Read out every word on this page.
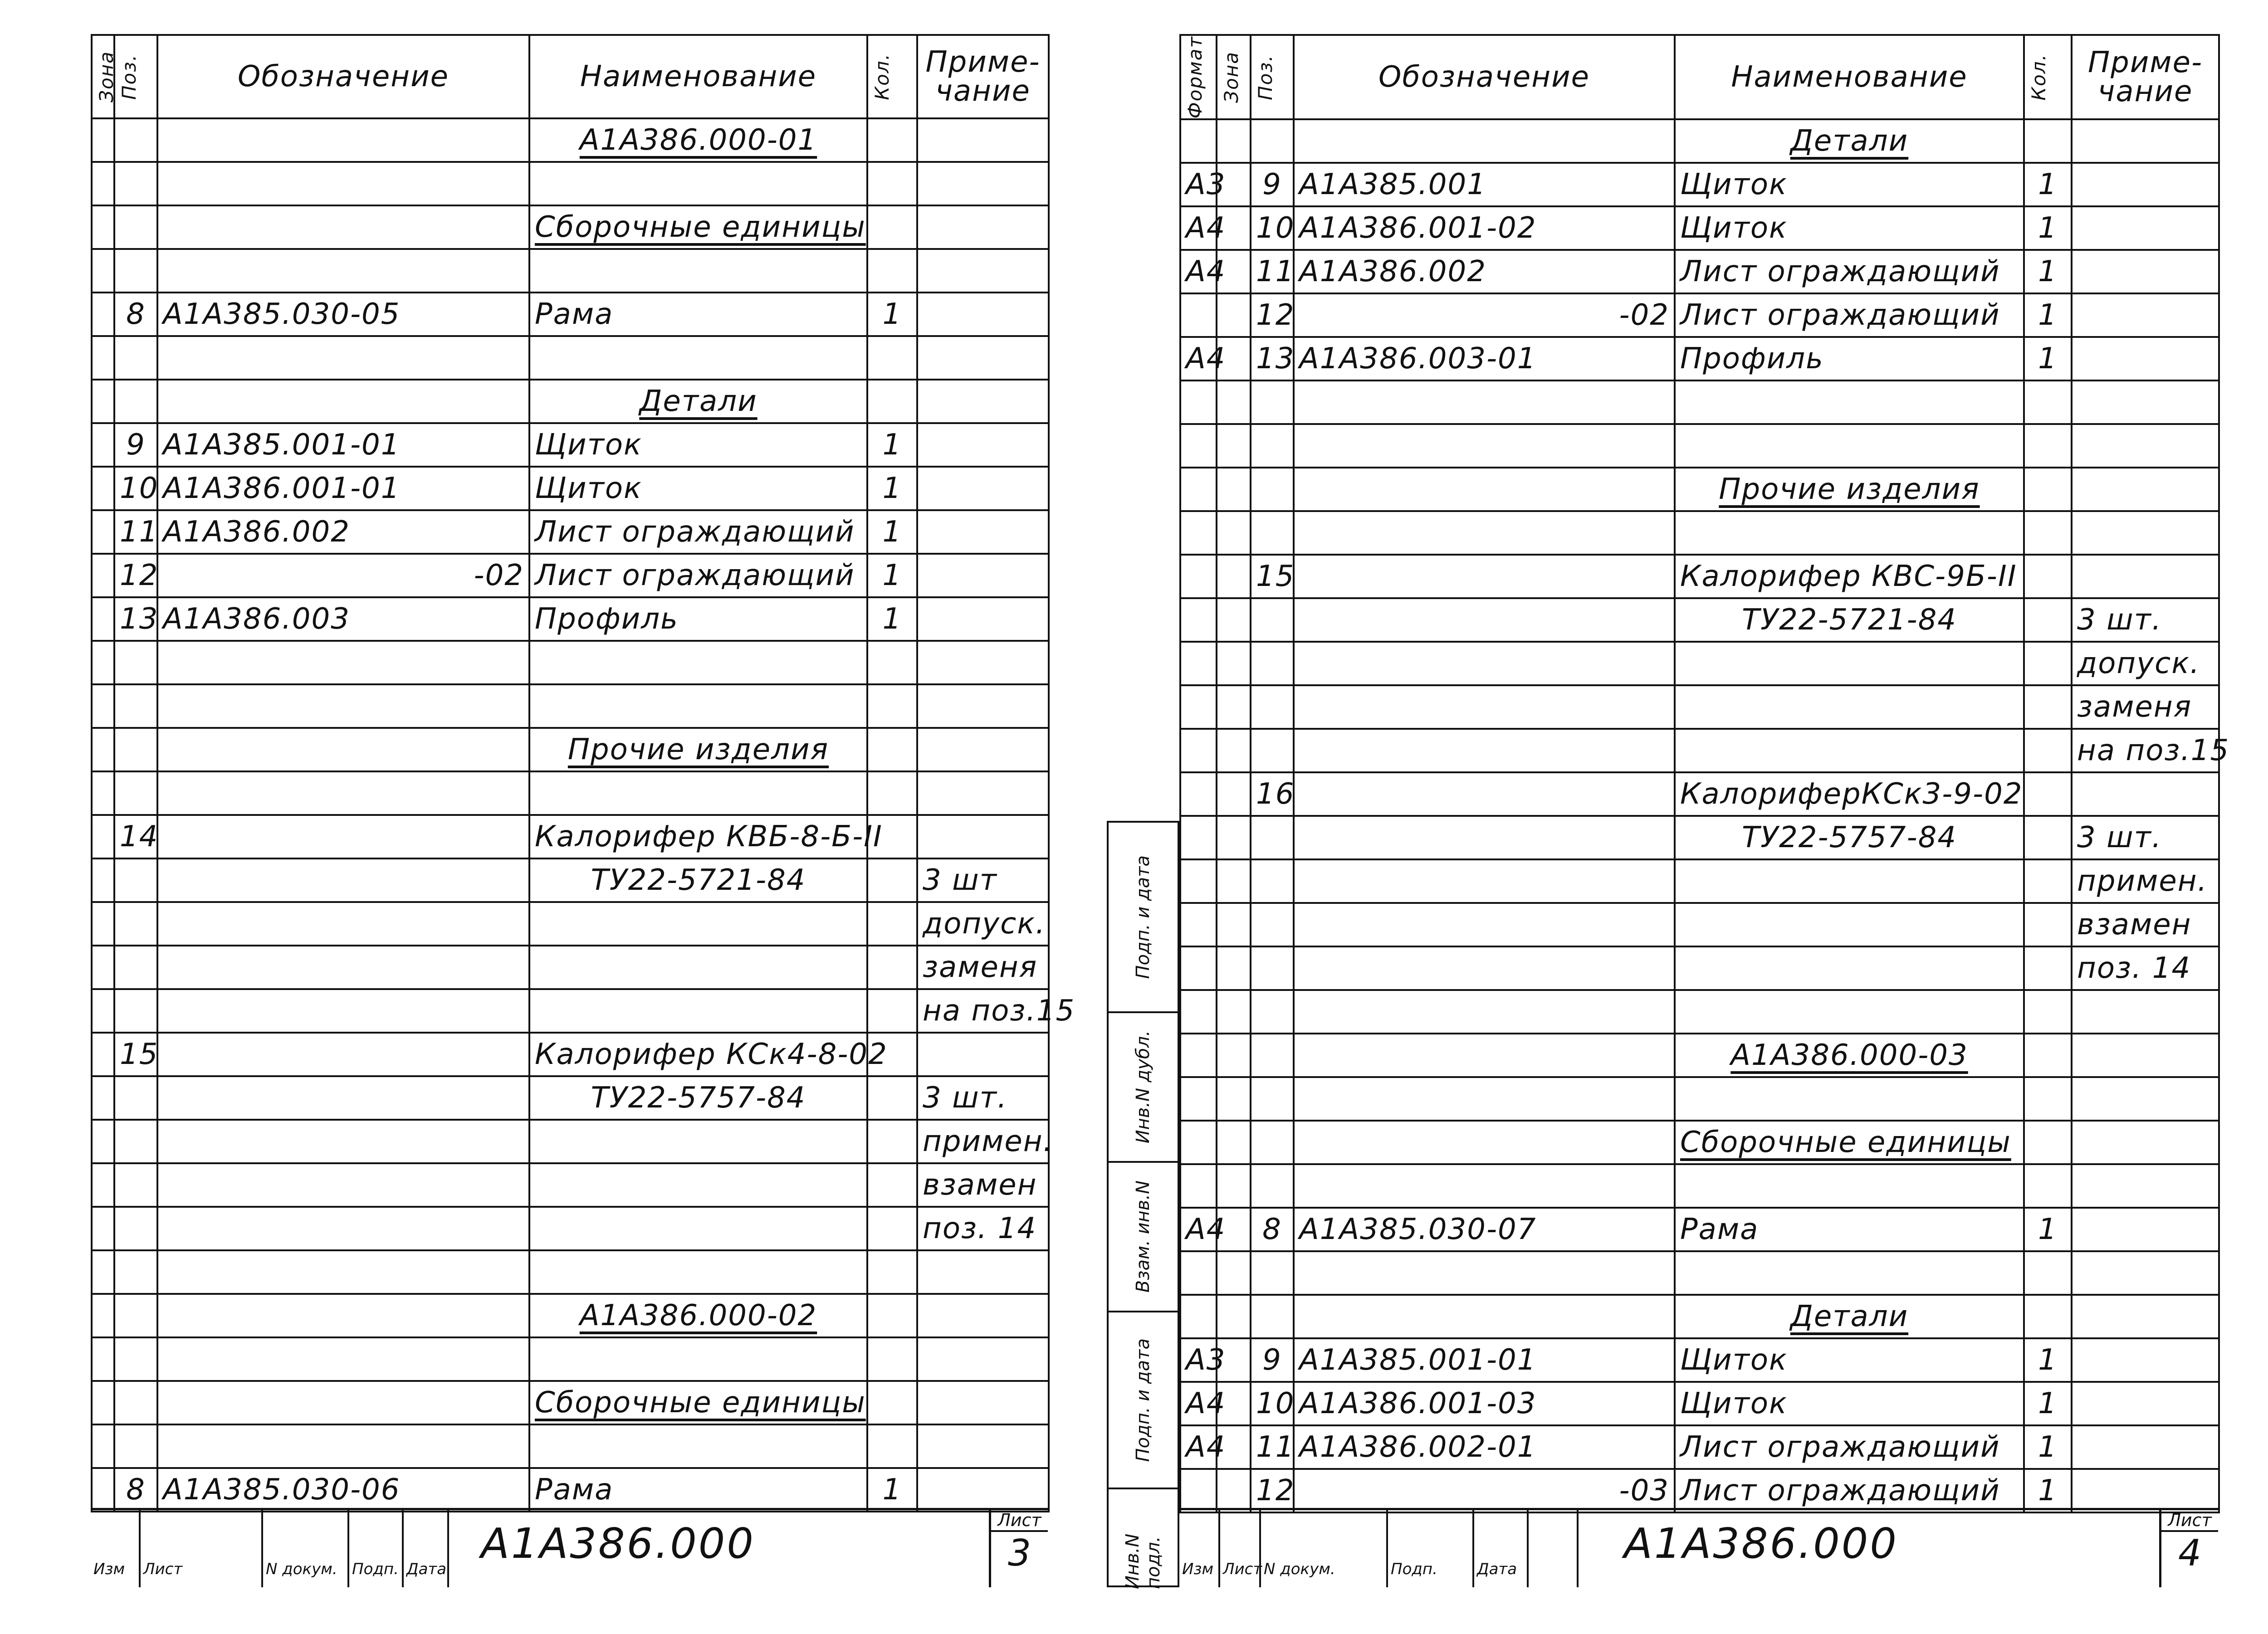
Зона	Поз.	Обозначение	Наименование	Кол.	Приме-чание
			А1А386.000-01		

			Сборочные единицы		

	8	А1А385.030-05	Рама	1	

			Детали		
	9	А1А385.001-01	Щиток	1	
	10	А1А386.001-01	Щиток	1	
	11	А1А386.002	Лист ограждающий	1	
	12	-02	Лист ограждающий	1	
	13	А1А386.003	Профиль	1	

			Прочие изделия		

	14		Калорифер КВБ-8-Б-II		
			ТУ22-5721-84		3 шт
					допуск.
					заменя
					на поз.15
	15		Калорифер КСк4-8-02		
			ТУ22-5757-84		3 шт.
					примен.
					взамен
					поз. 14

			А1А386.000-02		

			Сборочные единицы		

	8	А1А385.030-06	Рама	1	
Изм	Лист	N докум. Подп. Дата
А1А386.000	Лист
3
Подп. и дата
Инв.N дубл.
Взам. инв.N
Подп. и дата
Инв.N подл.
Формат	Зона	Поз.	Обозначение	Наименование	Кол.	Приме-чание
				Детали		
А3		9	А1А385.001	Щиток	1	
А4		10	А1А386.001-02	Щиток	1	
А4		11	А1А386.002	Лист ограждающий	1	
		12	-02	Лист ограждающий	1	
А4		13	А1А386.003-01	Профиль	1	

				Прочие изделия		

		15		Калорифер КВС-9Б-II		
				ТУ22-5721-84		3 шт.
						допуск.
						заменя
						на поз.15
		16		КалориферКСк3-9-02		
				ТУ22-5757-84		3 шт.
						примен.
						взамен
						поз. 14

				А1А386.000-03		

				Сборочные единицы		

А4		8	А1А385.030-07	Рама	1	

				Детали		
А3		9	А1А385.001-01	Щиток	1	
А4		10	А1А386.001-03	Щиток	1	
А4		11	А1А386.002-01	Лист ограждающий	1	
		12	-03	Лист ограждающий	1	
Изм Лист N докум.	Подп.	Дата
А1А386.000	Лист
4
